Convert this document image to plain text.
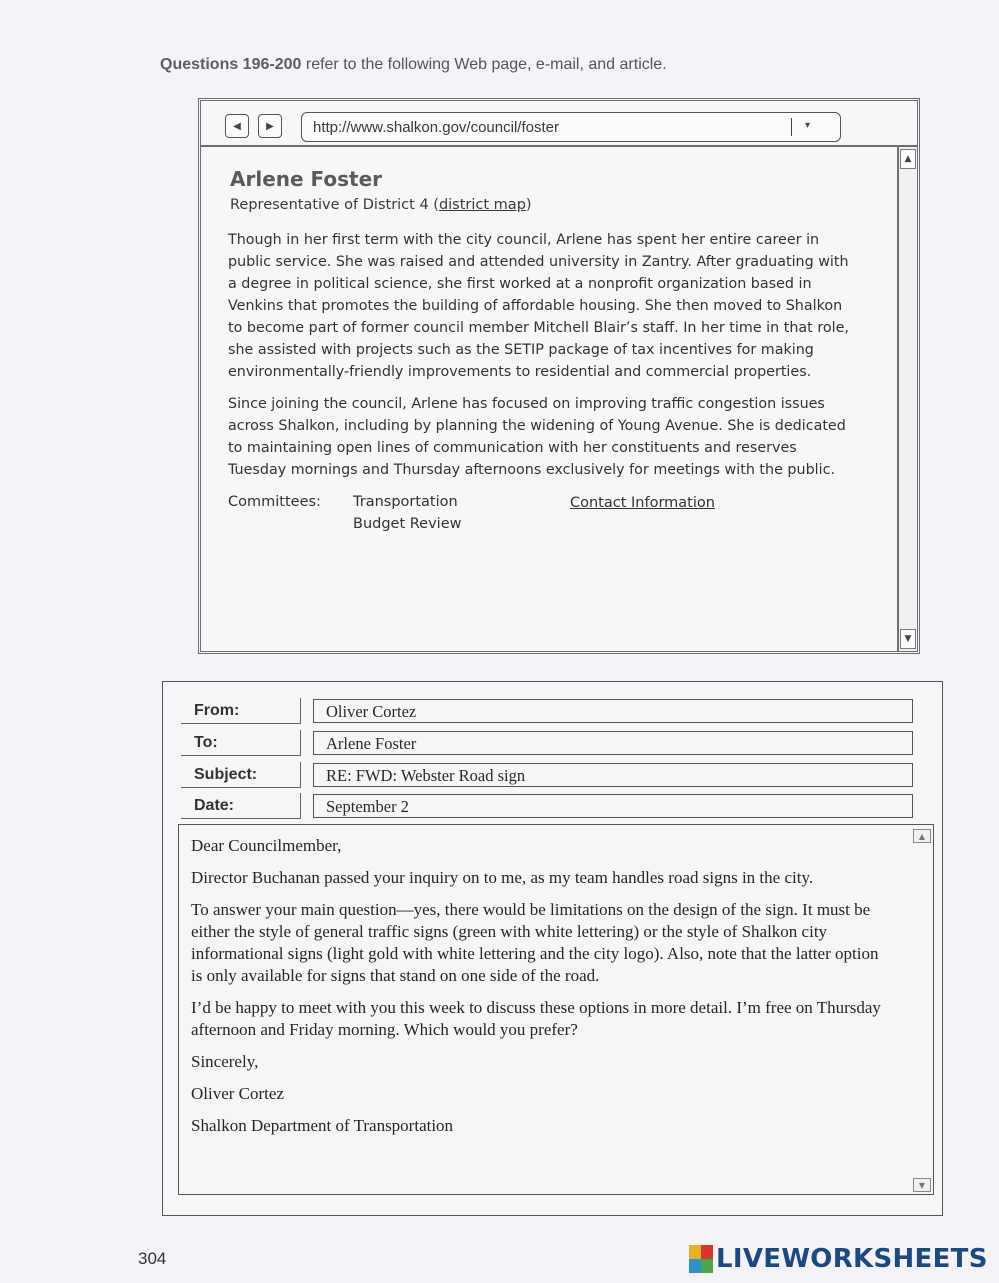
Questions 196-200 refer to the following Web page, e-mail, and article.
◀	▶	http://www.shalkon.gov/council/foster	▾
▲
▼
Arlene Foster
Representative of District 4 (district map)

Though in her first term with the city council, Arlene has spent her entire career in public service. She was raised and attended university in Zantry. After graduating with a degree in political science, she first worked at a nonprofit organization based in Venkins that promotes the building of affordable housing. She then moved to Shalkon to become part of former council member Mitchell Blair’s staff. In her time in that role, she assisted with projects such as the SETIP package of tax incentives for making environmentally-friendly improvements to residential and commercial properties.

Since joining the council, Arlene has focused on improving traffic congestion issues across Shalkon, including by planning the widening of Young Avenue. She is dedicated to maintaining open lines of communication with her constituents and reserves Tuesday mornings and Thursday afternoons exclusively for meetings with the public.

Committees: Transportation
Budget Review
Contact Information
From:	Oliver Cortez
To:	Arlene Foster
Subject:	RE: FWD: Webster Road sign
Date:	September 2
▲
▼

Dear Councilmember,

Director Buchanan passed your inquiry on to me, as my team handles road signs in the city.

To answer your main question—yes, there would be limitations on the design of the sign. It must be either the style of general traffic signs (green with white lettering) or the style of Shalkon city informational signs (light gold with white lettering and the city logo). Also, note that the latter option is only available for signs that stand on one side of the road.

I’d be happy to meet with you this week to discuss these options in more detail. I’m free on Thursday afternoon and Friday morning. Which would you prefer?

Sincerely,

Oliver Cortez

Shalkon Department of Transportation

304	LIVEWORKSHEETS
